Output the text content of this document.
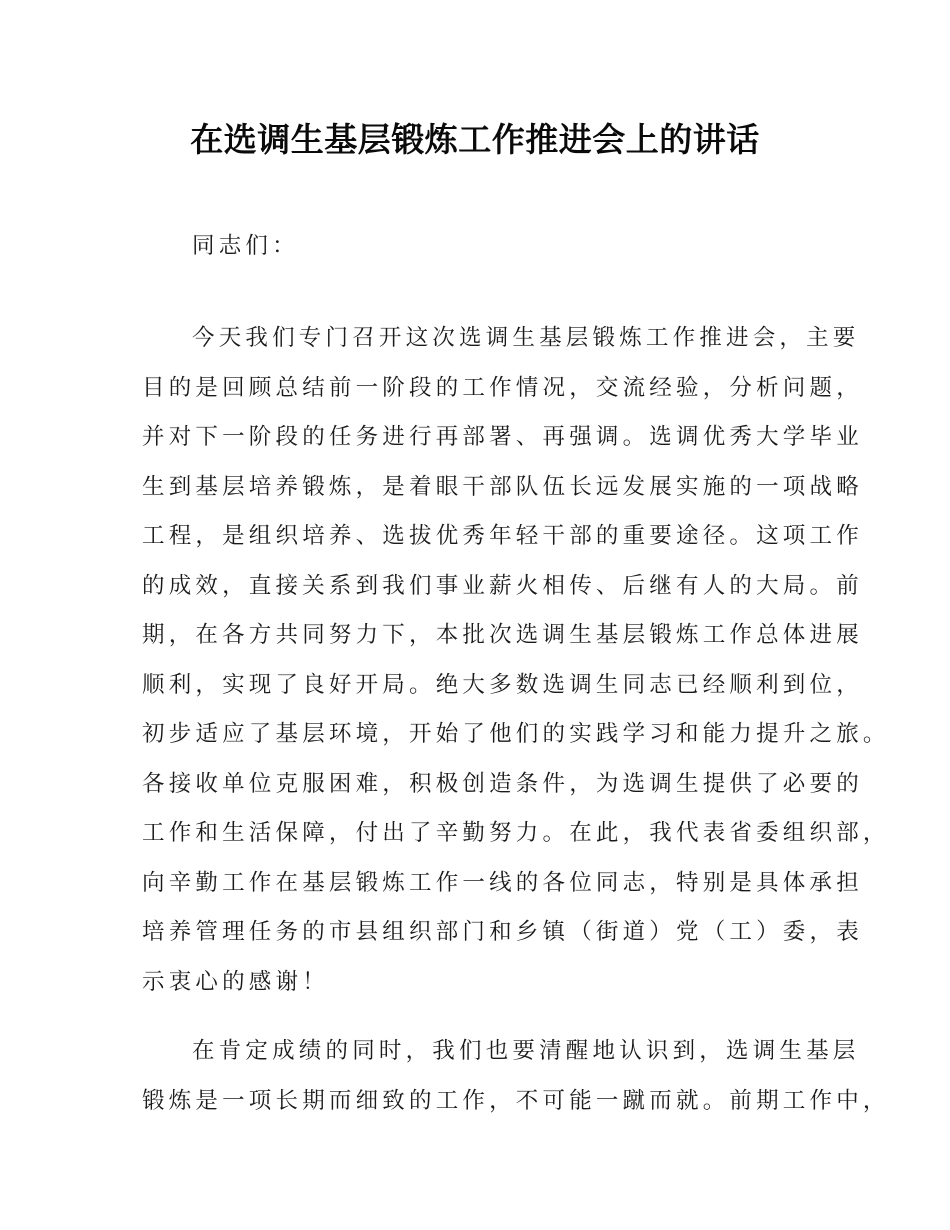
在选调生基层锻炼工作推进会上的讲话
同志们：
今天我们专门召开这次选调生基层锻炼工作推进会，主要
目的是回顾总结前一阶段的工作情况，交流经验，分析问题，
并对下一阶段的任务进行再部署、再强调。选调优秀大学毕业
生到基层培养锻炼，是着眼干部队伍长远发展实施的一项战略
工程，是组织培养、选拔优秀年轻干部的重要途径。这项工作
的成效，直接关系到我们事业薪火相传、后继有人的大局。前
期，在各方共同努力下，本批次选调生基层锻炼工作总体进展
顺利，实现了良好开局。绝大多数选调生同志已经顺利到位，
初步适应了基层环境，开始了他们的实践学习和能力提升之旅。
各接收单位克服困难，积极创造条件，为选调生提供了必要的
工作和生活保障，付出了辛勤努力。在此，我代表省委组织部，
向辛勤工作在基层锻炼工作一线的各位同志，特别是具体承担
培养管理任务的市县组织部门和乡镇（街道）党（工）委，表
示衷心的感谢！
在肯定成绩的同时，我们也要清醒地认识到，选调生基层
锻炼是一项长期而细致的工作，不可能一蹴而就。前期工作中，
